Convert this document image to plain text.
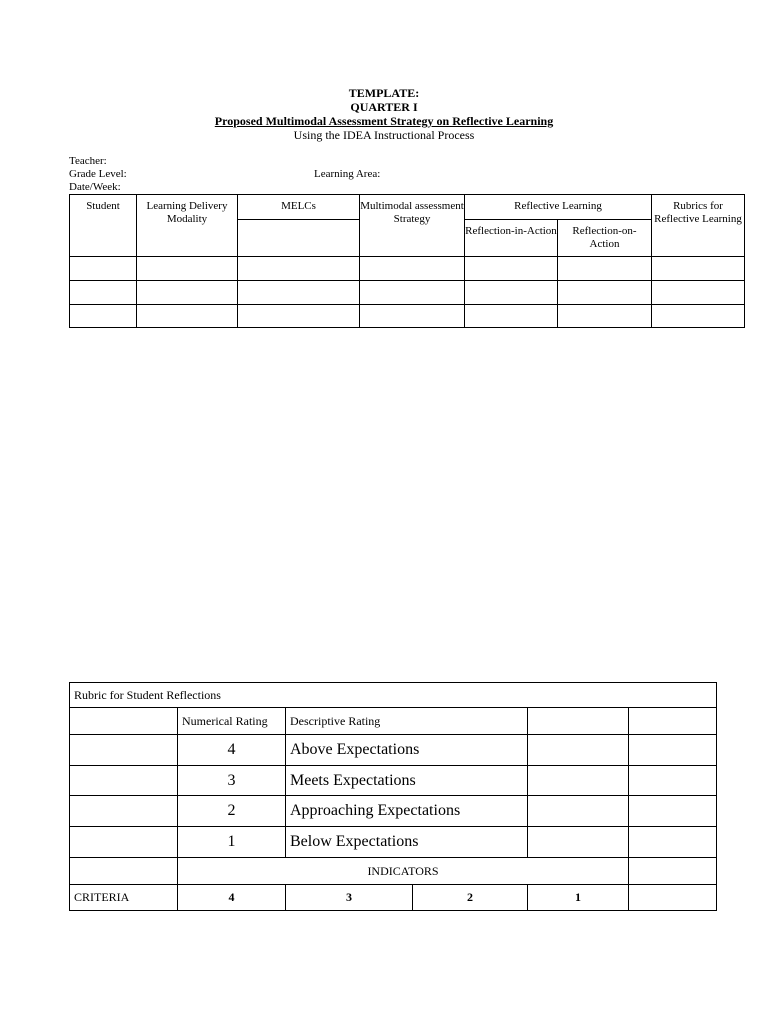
TEMPLATE:
QUARTER I
Proposed Multimodal Assessment Strategy on Reflective Learning
Using the IDEA Instructional Process
Teacher:
Grade Level:
Date/Week:
Learning Area:
Student	Learning Delivery Modality	MELCs	Multimodal assessment Strategy	Reflective Learning		Rubrics for Reflective Learning
				Reflection-in-Action	Reflection-on-Action	

Rubric for Student Reflections					
	Numerical Rating	Descriptive Rating			
	4	Above Expectations			
	3	Meets Expectations			
	2	Approaching Expectations			
	1	Below Expectations			
	INDICATORS				
CRITERIA	4	3	2	1	
